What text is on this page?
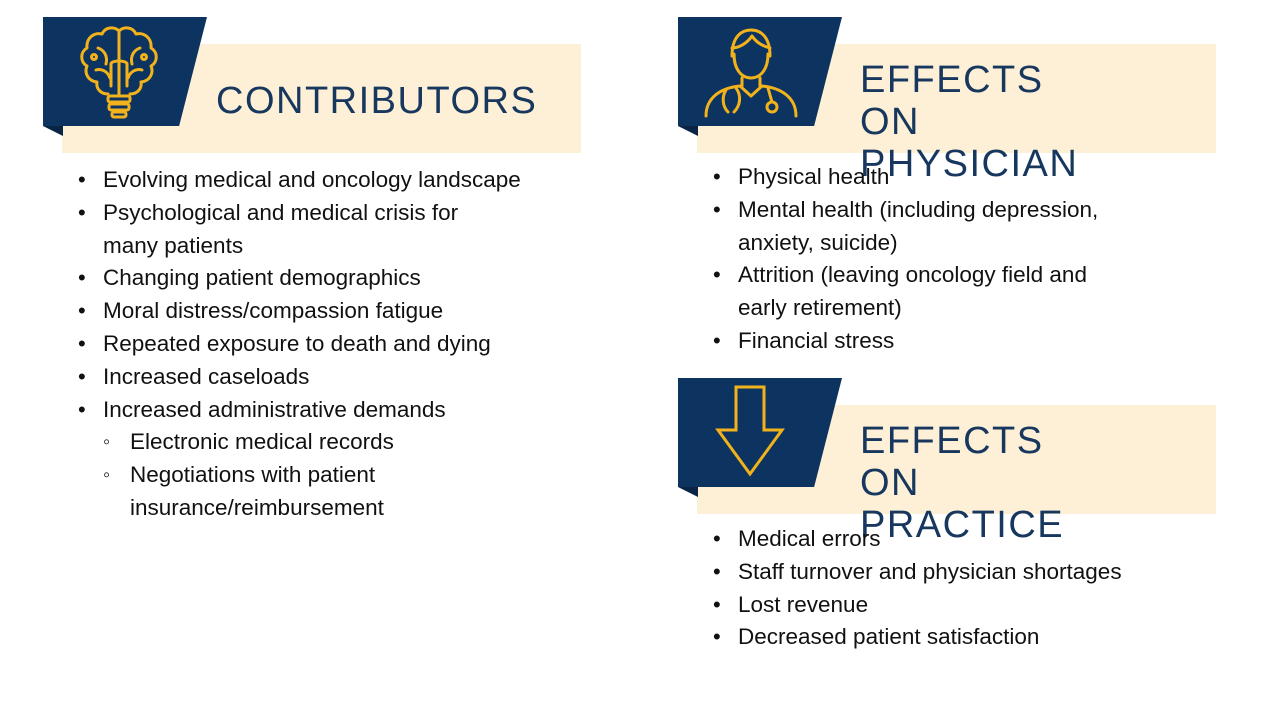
CONTRIBUTORS
• Evolving medical and oncology landscape
• Psychological and medical crisis for many patients
• Changing patient demographics
• Moral distress/compassion fatigue
• Repeated exposure to death and dying
• Increased caseloads
• Increased administrative demands
◦ Electronic medical records
◦ Negotiations with patient insurance/reimbursement
EFFECTS ON
PHYSICIAN
• Physical health
• Mental health (including depression, anxiety, suicide)
• Attrition (leaving oncology field and early retirement)
• Financial stress
EFFECTS ON
PRACTICE
• Medical errors
• Staff turnover and physician shortages
• Lost revenue
• Decreased patient satisfaction
